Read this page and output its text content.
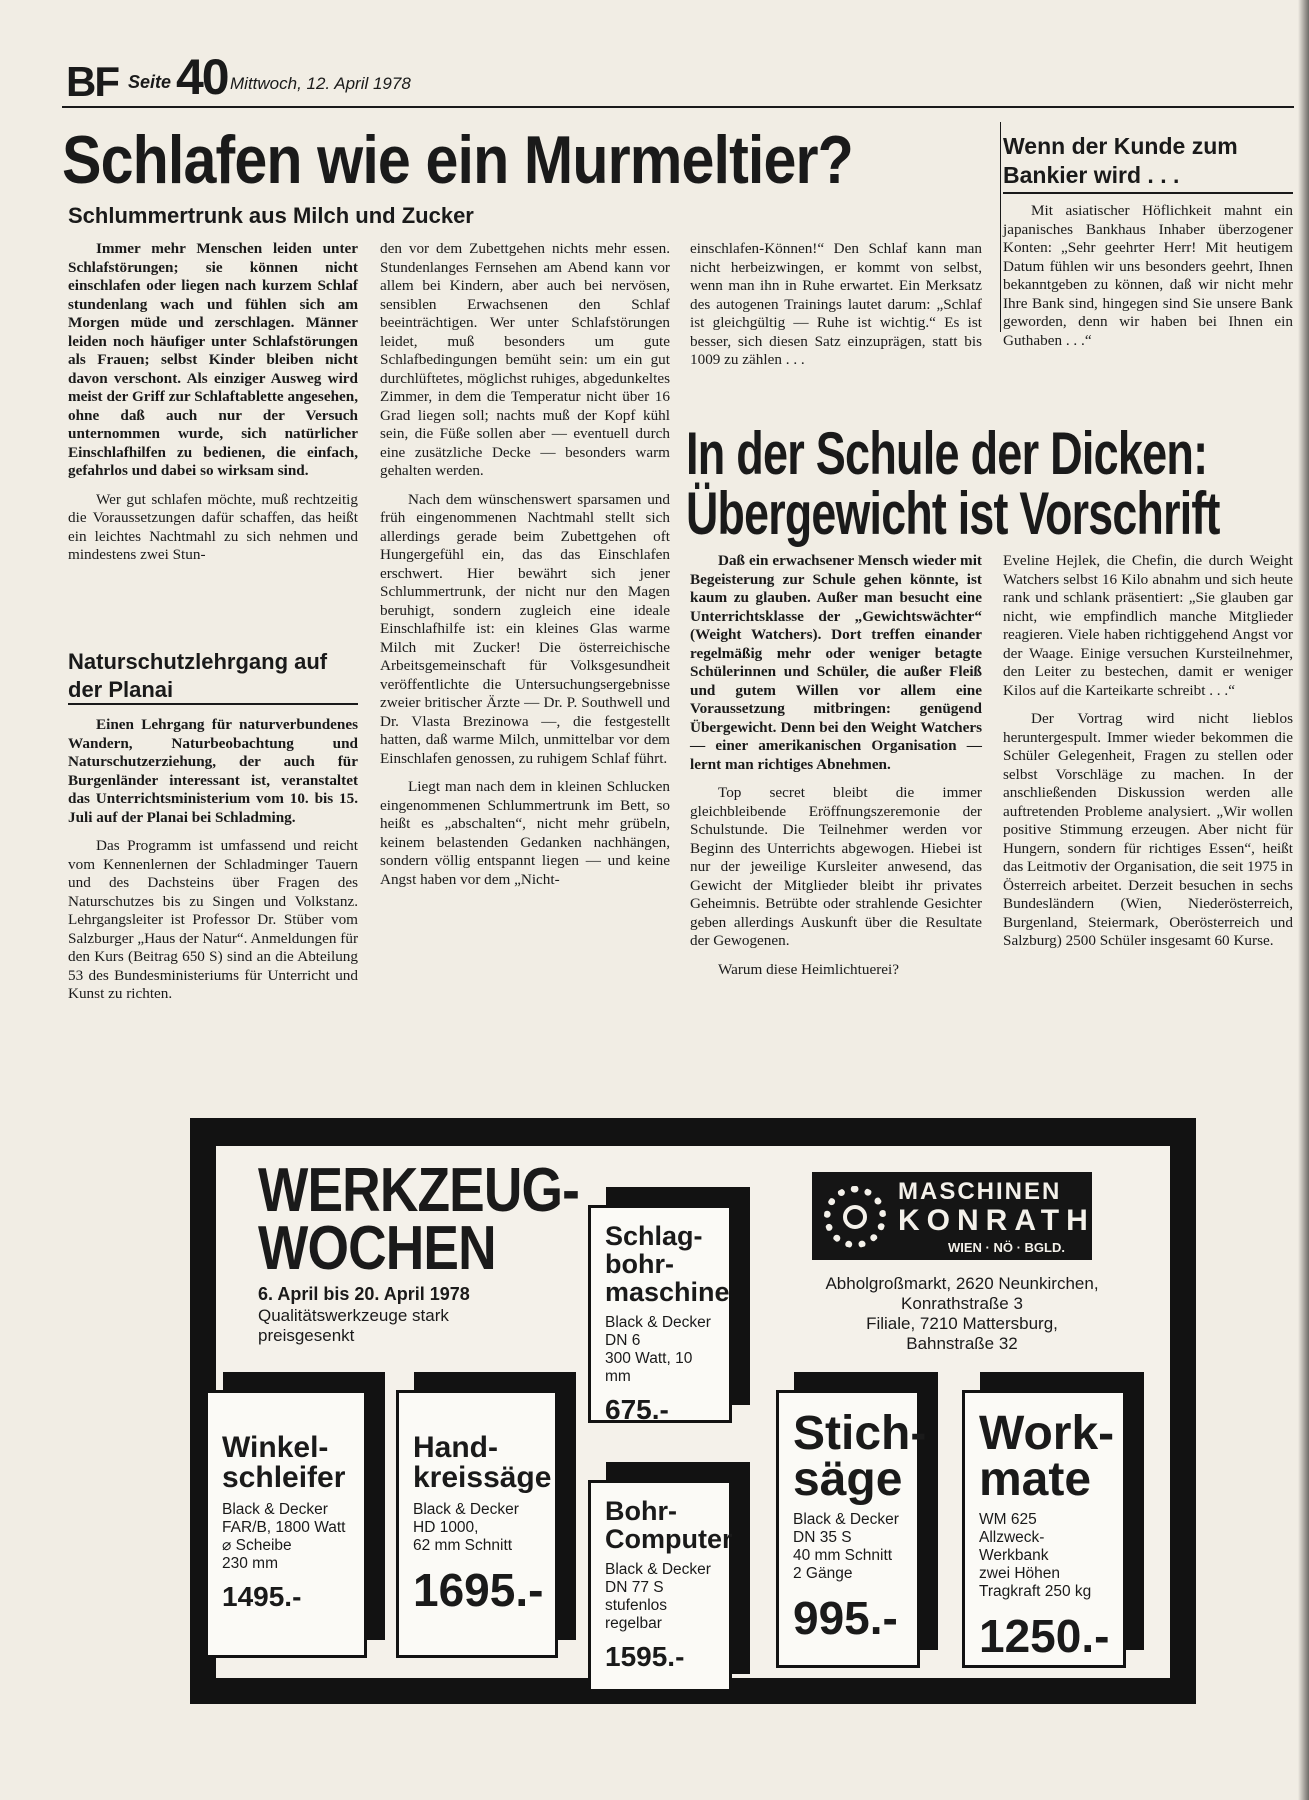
BF Seite 40 Mittwoch, 12. April 1978
Schlafen wie ein Murmeltier?
Schlummertrunk aus Milch und Zucker

Immer mehr Menschen leiden unter Schlafstörungen; sie können nicht einschlafen oder liegen nach kurzem Schlaf stundenlang wach und fühlen sich am Morgen müde und zerschlagen. Männer leiden noch häufiger unter Schlafstörungen als Frauen; selbst Kinder bleiben nicht davon verschont. Als einziger Ausweg wird meist der Griff zur Schlaftablette angesehen, ohne daß auch nur der Versuch unternommen wurde, sich natürlicher Einschlafhilfen zu bedienen, die einfach, gefahrlos und dabei so wirksam sind.

Wer gut schlafen möchte, muß rechtzeitig die Voraussetzungen dafür schaffen, das heißt ein leichtes Nachtmahl zu sich nehmen und mindestens zwei Stun-

den vor dem Zubettgehen nichts mehr essen. Stundenlanges Fernsehen am Abend kann vor allem bei Kindern, aber auch bei nervösen, sensiblen Erwachsenen den Schlaf beeinträchtigen. Wer unter Schlafstörungen leidet, muß besonders um gute Schlafbedingungen bemüht sein: um ein gut durchlüftetes, möglichst ruhiges, abgedunkeltes Zimmer, in dem die Temperatur nicht über 16 Grad liegen soll; nachts muß der Kopf kühl sein, die Füße sollen aber — eventuell durch eine zusätzliche Decke — besonders warm gehalten werden.

Nach dem wünschenswert sparsamen und früh eingenommenen Nachtmahl stellt sich allerdings gerade beim Zubettgehen oft Hungergefühl ein, das das Einschlafen erschwert. Hier bewährt sich jener Schlummertrunk, der nicht nur den Magen beruhigt, sondern zugleich eine ideale Einschlafhilfe ist: ein kleines Glas warme Milch mit Zucker! Die österreichische Arbeitsgemeinschaft für Volksgesundheit veröffentlichte die Untersuchungsergebnisse zweier britischer Ärzte — Dr. P. Southwell und Dr. Vlasta Brezinowa —, die festgestellt hatten, daß warme Milch, unmittelbar vor dem Einschlafen genossen, zu ruhigem Schlaf führt.

Liegt man nach dem in kleinen Schlucken eingenommenen Schlummertrunk im Bett, so heißt es „abschalten“, nicht mehr grübeln, keinem belastenden Gedanken nachhängen, sondern völlig entspannt liegen — und keine Angst haben vor dem „Nicht-

einschlafen-Können!“ Den Schlaf kann man nicht herbeizwingen, er kommt von selbst, wenn man ihn in Ruhe erwartet. Ein Merksatz des autogenen Trainings lautet darum: „Schlaf ist gleichgültig — Ruhe ist wichtig.“ Es ist besser, sich diesen Satz einzuprägen, statt bis 1009 zu zählen . . .

Naturschutzlehrgang auf der Planai

Einen Lehrgang für naturverbundenes Wandern, Naturbeobachtung und Naturschutzerziehung, der auch für Burgenländer interessant ist, veranstaltet das Unterrichtsministerium vom 10. bis 15. Juli auf der Planai bei Schladming.

Das Programm ist umfassend und reicht vom Kennenlernen der Schladminger Tauern und des Dachsteins über Fragen des Naturschutzes bis zu Singen und Volkstanz. Lehrgangsleiter ist Professor Dr. Stüber vom Salzburger „Haus der Natur“. Anmeldungen für den Kurs (Beitrag 650 S) sind an die Abteilung 53 des Bundesministeriums für Unterricht und Kunst zu richten.

Wenn der Kunde zum Bankier wird . . .

Mit asiatischer Höflichkeit mahnt ein japanisches Bankhaus Inhaber überzogener Konten: „Sehr geehrter Herr! Mit heutigem Datum fühlen wir uns besonders geehrt, Ihnen bekanntgeben zu können, daß wir nicht mehr Ihre Bank sind, hingegen sind Sie unsere Bank geworden, denn wir haben bei Ihnen ein Guthaben . . .“

In der Schule der Dicken:
Übergewicht ist Vorschrift

Daß ein erwachsener Mensch wieder mit Begeisterung zur Schule gehen könnte, ist kaum zu glauben. Außer man besucht eine Unterrichtsklasse der „Gewichtswächter“ (Weight Watchers). Dort treffen einander regelmäßig mehr oder weniger betagte Schülerinnen und Schüler, die außer Fleiß und gutem Willen vor allem eine Voraussetzung mitbringen: genügend Übergewicht. Denn bei den Weight Watchers — einer amerikanischen Organisation — lernt man richtiges Abnehmen.

Top secret bleibt die immer gleichbleibende Eröffnungszeremonie der Schulstunde. Die Teilnehmer werden vor Beginn des Unterrichts abgewogen. Hiebei ist nur der jeweilige Kursleiter anwesend, das Gewicht der Mitglieder bleibt ihr privates Geheimnis. Betrübte oder strahlende Gesichter geben allerdings Auskunft über die Resultate der Gewogenen.

Warum diese Heimlichtuerei?

Eveline Hejlek, die Chefin, die durch Weight Watchers selbst 16 Kilo abnahm und sich heute rank und schlank präsentiert: „Sie glauben gar nicht, wie empfindlich manche Mitglieder reagieren. Viele haben richtiggehend Angst vor der Waage. Einige versuchen Kursteilnehmer, den Leiter zu bestechen, damit er weniger Kilos auf die Karteikarte schreibt . . .“

Der Vortrag wird nicht lieblos heruntergespult. Immer wieder bekommen die Schüler Gelegenheit, Fragen zu stellen oder selbst Vorschläge zu machen. In der anschließenden Diskussion werden alle auftretenden Probleme analysiert. „Wir wollen positive Stimmung erzeugen. Aber nicht für Hungern, sondern für richtiges Essen“, heißt das Leitmotiv der Organisation, die seit 1975 in Österreich arbeitet. Derzeit besuchen in sechs Bundesländern (Wien, Niederösterreich, Burgenland, Steiermark, Oberösterreich und Salzburg) 2500 Schüler insgesamt 60 Kurse.

WERKZEUG-
WOCHEN
6. April bis 20. April 1978
Qualitätswerkzeuge stark
preisgesenkt
MASCHINEN
KONRATH
WIEN · NÖ · BGLD.
Abholgroßmarkt, 2620 Neunkirchen,
Konrathstraße 3
Filiale, 7210 Mattersburg,
Bahnstraße 32
Schlag-
bohr-
maschine
Black & Decker
DN 6
300 Watt, 10 mm
675.-
Winkel-
schleifer
Black & Decker
FAR/B, 1800 Watt
⌀ Scheibe
230 mm
1495.-
Hand-
kreissäge
Black & Decker
HD 1000,
62 mm Schnitt
1695.-
Bohr-
Computer
Black & Decker
DN 77 S
stufenlos
regelbar
1595.-
Stich-
säge
Black & Decker
DN 35 S
40 mm Schnitt
2 Gänge
995.-
Work-
mate
WM 625
Allzweck-
Werkbank
zwei Höhen
Tragkraft 250 kg
1250.-
